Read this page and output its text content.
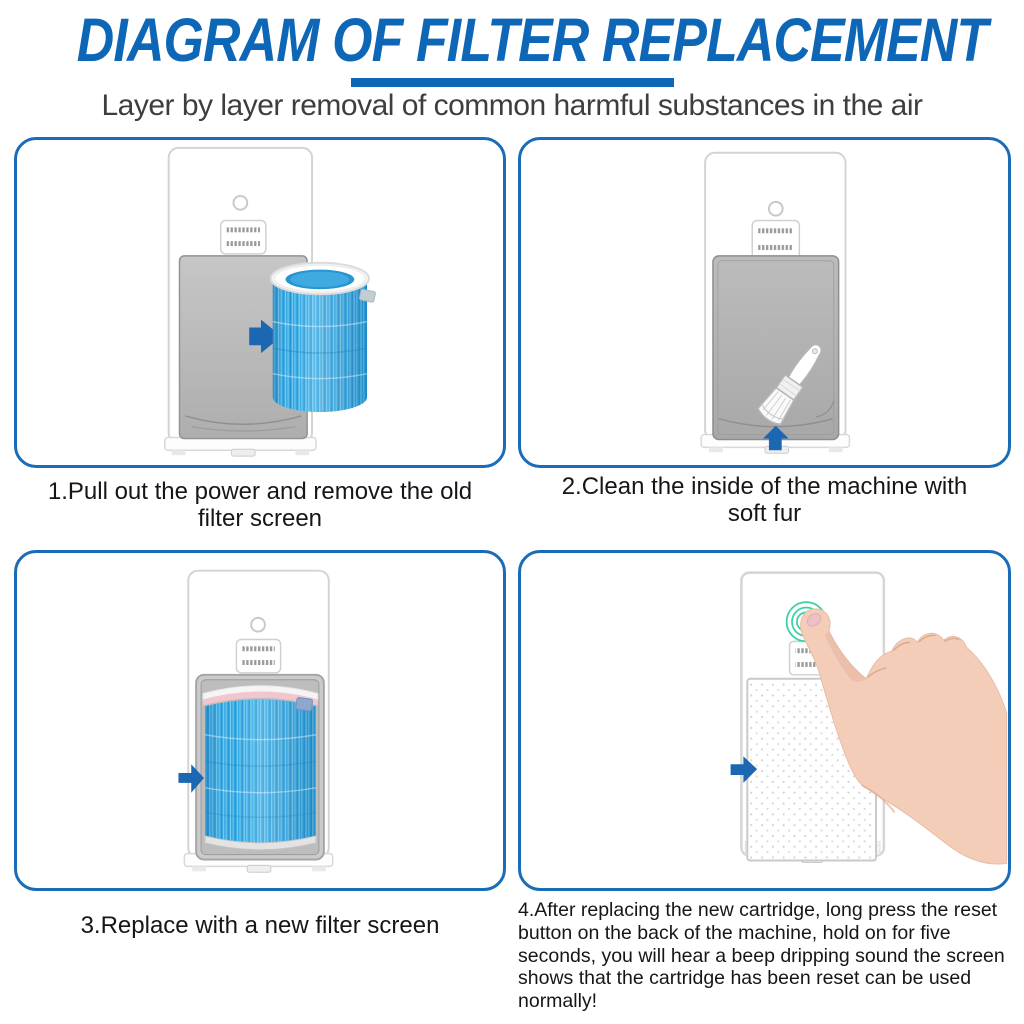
DIAGRAM OF FILTER REPLACEMENT
Layer by layer removal of common harmful substances in the air
1.Pull out the power and remove the old filter screen
2.Clean the inside of the machine with soft fur
3.Replace with a new filter screen
4.After replacing the new cartridge, long press the reset button on the back of the machine, hold on for five seconds, you will hear a beep dripping sound the screen shows that the cartridge has been reset can be used normally!
